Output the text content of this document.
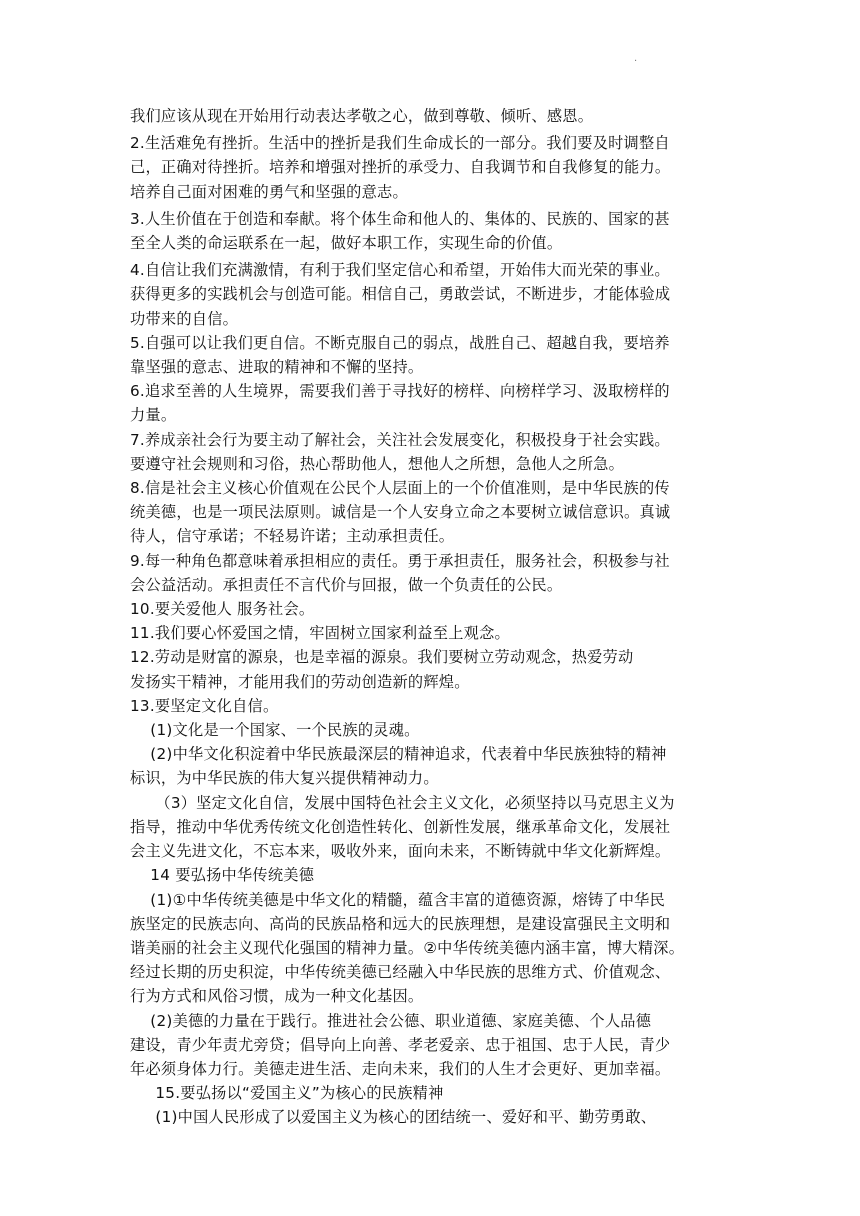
·

我们应该从现在开始用行动表达孝敬之心，做到尊敬、倾听、感恩。

2.生活难免有挫折。生活中的挫折是我们生命成长的一部分。我们要及时调整自

己，正确对待挫折。培养和增强对挫折的承受力、自我调节和自我修复的能力。

培养自己面对困难的勇气和坚强的意志。

3.人生价值在于创造和奉献。将个体生命和他人的、集体的、民族的、国家的甚

至全人类的命运联系在一起，做好本职工作，实现生命的价值。

4.自信让我们充满激情，有利于我们坚定信心和希望，开始伟大而光荣的事业。

获得更多的实践机会与创造可能。相信自己，勇敢尝试，不断进步，才能体验成

功带来的自信。

5.自强可以让我们更自信。不断克服自己的弱点，战胜自己、超越自我，要培养

靠坚强的意志、进取的精神和不懈的坚持。

6.追求至善的人生境界，需要我们善于寻找好的榜样、向榜样学习、汲取榜样的

力量。

7.养成亲社会行为要主动了解社会，关注社会发展变化，积极投身于社会实践。

要遵守社会规则和习俗，热心帮助他人，想他人之所想，急他人之所急。

8.信是社会主义核心价值观在公民个人层面上的一个价值准则，是中华民族的传

统美德，也是一项民法原则。诚信是一个人安身立命之本要树立诚信意识。真诚

待人，信守承诺；不轻易许诺；主动承担责任。

9.每一种角色都意味着承担相应的责任。勇于承担责任，服务社会，积极参与社

会公益活动。承担责任不言代价与回报，做一个负责任的公民。

10.要关爱他人 服务社会。

11.我们要心怀爱国之情，牢固树立国家利益至上观念。

12.劳动是财富的源泉，也是幸福的源泉。我们要树立劳动观念，热爱劳动

发扬实干精神，才能用我们的劳动创造新的辉煌。

13.要坚定文化自信。

(1)文化是一个国家、一个民族的灵魂。

(2)中华文化积淀着中华民族最深层的精神追求，代表着中华民族独特的精神

标识，为中华民族的伟大复兴提供精神动力。

（3）坚定文化自信，发展中国特色社会主义文化，必须坚持以马克思主义为

指导，推动中华优秀传统文化创造性转化、创新性发展，继承革命文化，发展社

会主义先进文化，不忘本来，吸收外来，面向未来，不断铸就中华文化新辉煌。

14 要弘扬中华传统美德

(1)①中华传统美德是中华文化的精髓，蕴含丰富的道德资源，熔铸了中华民

族坚定的民族志向、高尚的民族品格和远大的民族理想，是建设富强民主文明和

谐美丽的社会主义现代化强国的精神力量。②中华传统美德内涵丰富，博大精深。

经过长期的历史积淀，中华传统美德已经融入中华民族的思维方式、价值观念、

行为方式和风俗习惯，成为一种文化基因。

(2)美德的力量在于践行。推进社会公德、职业道德、家庭美德、个人品德

建设，青少年责尤旁贷；倡导向上向善、孝老爱亲、忠于祖国、忠于人民，青少

年必须身体力行。美德走进生活、走向未来，我们的人生才会更好、更加幸福。

15.要弘扬以“爱国主义”为核心的民族精神

(1)中国人民形成了以爱国主义为核心的团结统一、爱好和平、勤劳勇敢、
